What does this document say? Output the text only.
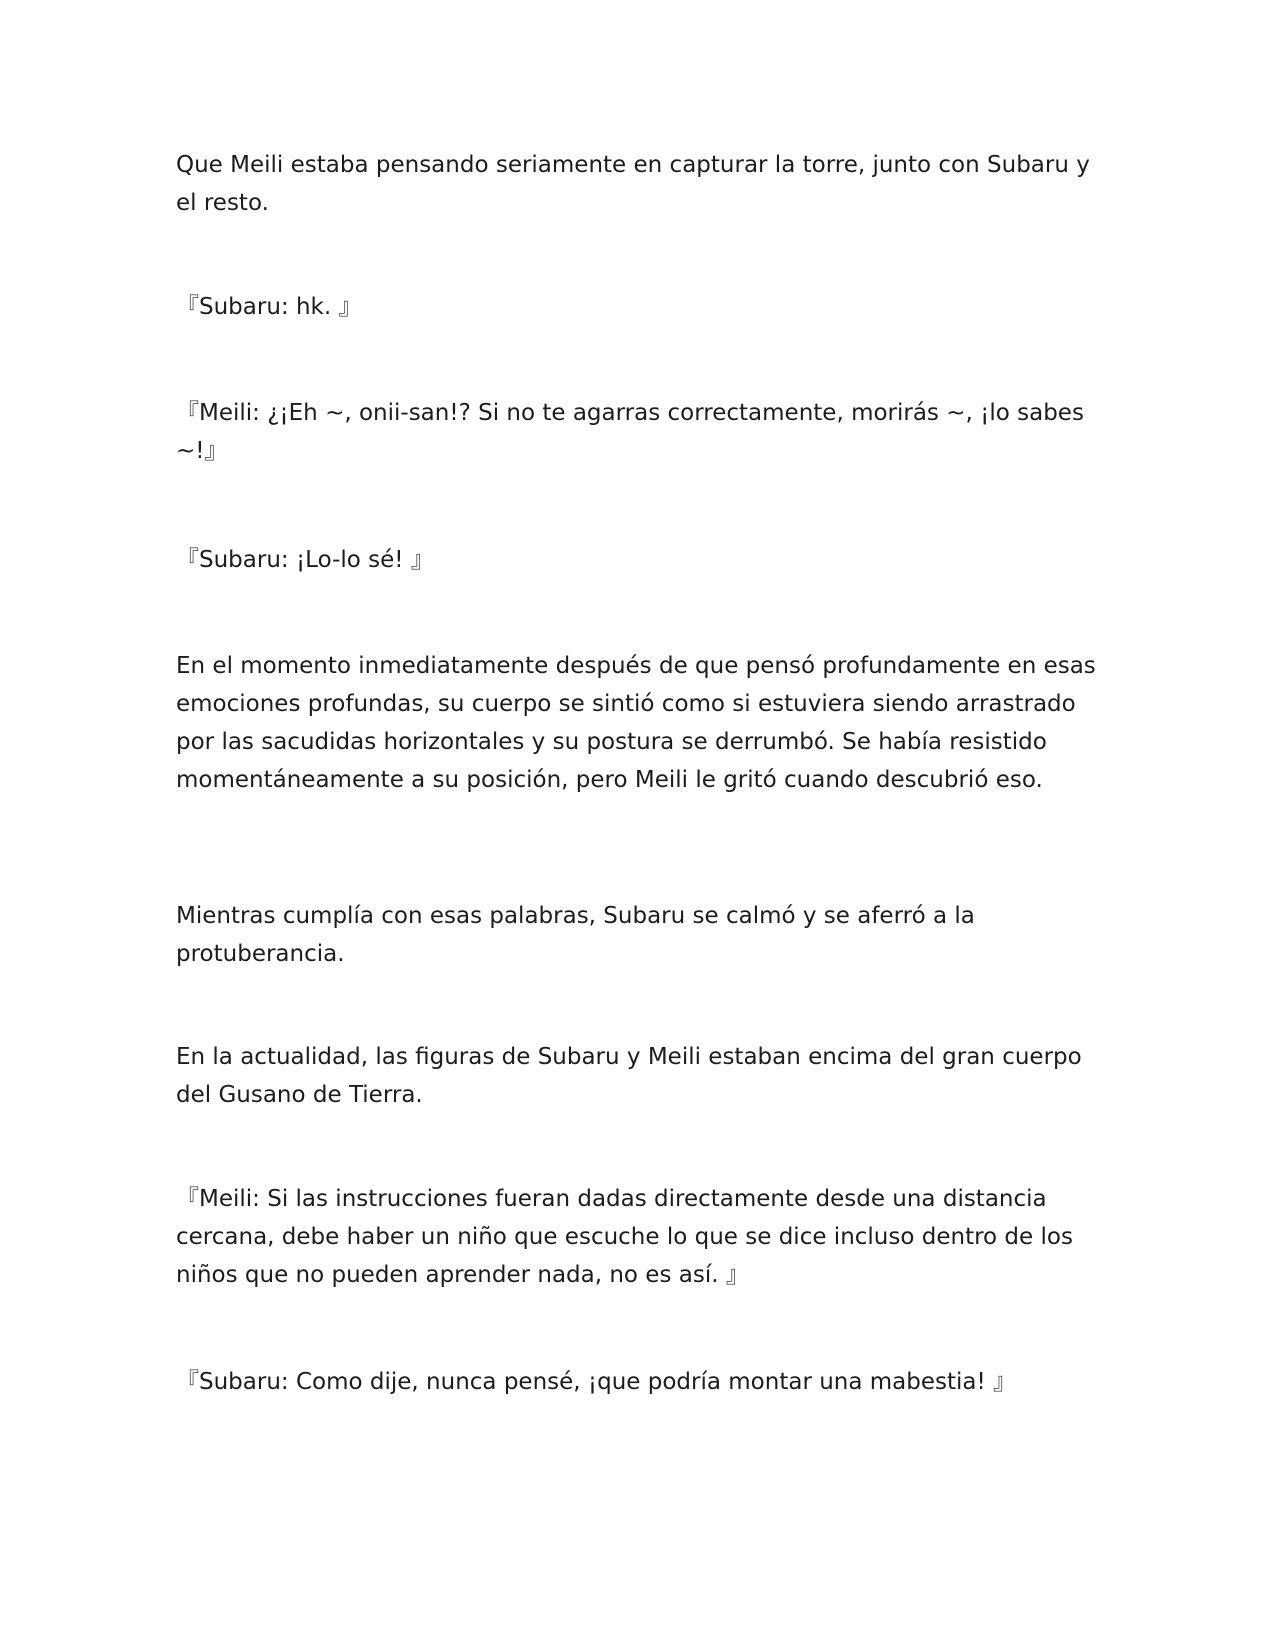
Que Meili estaba pensando seriamente en capturar la torre, junto con Subaru y el resto.

『Subaru: hk. 』

『Meili: ¿¡Eh ~, onii-san!? Si no te agarras correctamente, morirás ~, ¡lo sabes ~!』

『Subaru: ¡Lo-lo sé! 』

En el momento inmediatamente después de que pensó profundamente en esas emociones profundas, su cuerpo se sintió como si estuviera siendo arrastrado por las sacudidas horizontales y su postura se derrumbó. Se había resistido momentáneamente a su posición, pero Meili le gritó cuando descubrió eso.

Mientras cumplía con esas palabras, Subaru se calmó y se aferró a la protuberancia.

En la actualidad, las figuras de Subaru y Meili estaban encima del gran cuerpo del Gusano de Tierra.

『Meili: Si las instrucciones fueran dadas directamente desde una distancia cercana, debe haber un niño que escuche lo que se dice incluso dentro de los niños que no pueden aprender nada, no es así. 』

『Subaru: Como dije, nunca pensé, ¡que podría montar una mabestia! 』
